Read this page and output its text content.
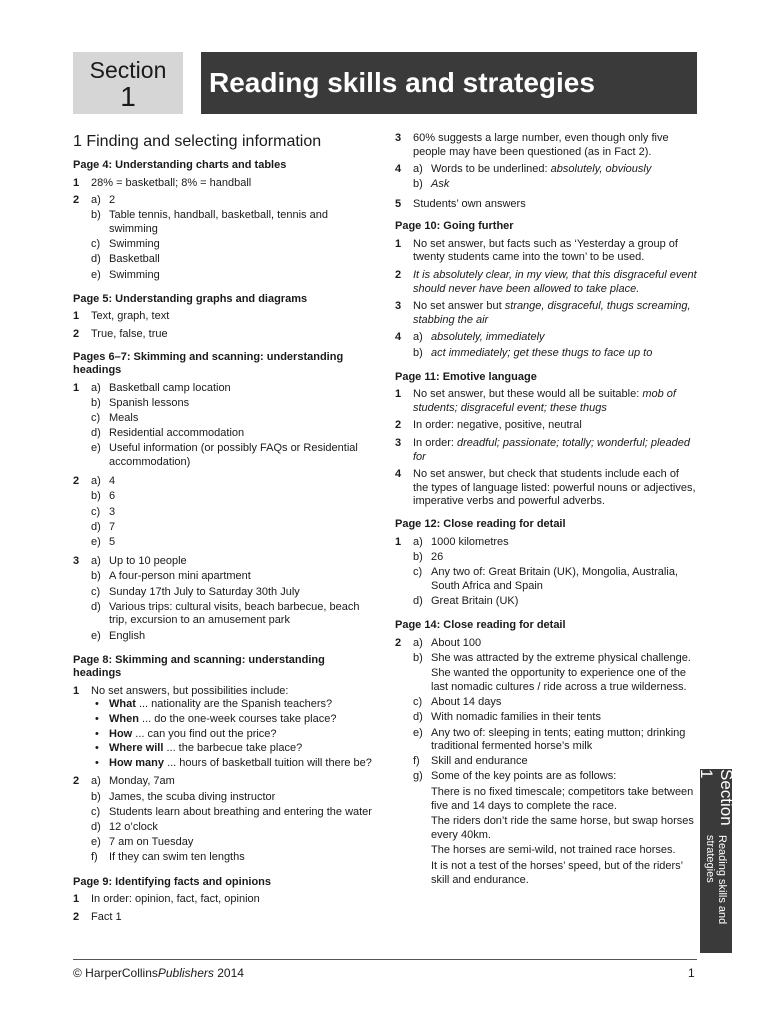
Section
1	Reading skills and strategies
1 Finding and selecting information
Page 4: Understanding charts and tables
1	28% = basketball; 8% = handball
2	a) 2
b) Table tennis, handball, basketball, tennis and swimming
c) Swimming
d) Basketball
e) Swimming
Page 5: Understanding graphs and diagrams
1	Text, graph, text
2	True, false, true
Pages 6–7: Skimming and scanning: understanding headings
1	a) Basketball camp location
b) Spanish lessons
c) Meals
d) Residential accommodation
e) Useful information (or possibly FAQs or Residential accommodation)
2	a) 4
b) 6
c) 3
d) 7
e) 5
3	a) Up to 10 people
b) A four-person mini apartment
c) Sunday 17th July to Saturday 30th July
d) Various trips: cultural visits, beach barbecue, beach trip, excursion to an amusement park
e) English
Page 8: Skimming and scanning: understanding headings
1	No set answers, but possibilities include:
• What ... nationality are the Spanish teachers?
• When ... do the one-week courses take place?
• How ... can you find out the price?
• Where will ... the barbecue take place?
• How many ... hours of basketball tuition will there be?
2	a) Monday, 7am
b) James, the scuba diving instructor
c) Students learn about breathing and entering the water
d) 12 o’clock
e) 7 am on Tuesday
f)	If they can swim ten lengths
Page 9: Identifying facts and opinions
1	In order: opinion, fact, fact, opinion
2	Fact 1
3	60% suggests a large number, even though only five people may have been questioned (as in Fact 2).
4	a) Words to be underlined: absolutely, obviously
b) Ask
5	Students’ own answers
Page 10: Going further
1	No set answer, but facts such as ‘Yesterday a group of twenty students came into the town’ to be used.
2	It is absolutely clear, in my view, that this disgraceful event should never have been allowed to take place.
3	No set answer but strange, disgraceful, thugs screaming, stabbing the air
4	a) absolutely, immediately
b) act immediately; get these thugs to face up to
Page 11: Emotive language
1	No set answer, but these would all be suitable: mob of students; disgraceful event; these thugs
2	In order: negative, positive, neutral
3	In order: dreadful; passionate; totally; wonderful; pleaded for
4	No set answer, but check that students include each of the types of language listed: powerful nouns or adjectives, imperative verbs and powerful adverbs.
Page 12: Close reading for detail
1	a) 1000 kilometres
b) 26
c) Any two of: Great Britain (UK), Mongolia, Australia, South Africa and Spain
d) Great Britain (UK)
Page 14: Close reading for detail
2	a) About 100
b) She was attracted by the extreme physical challenge.
She wanted the opportunity to experience one of the last nomadic cultures / ride across a true wilderness.
c) About 14 days
d) With nomadic families in their tents
e) Any two of: sleeping in tents; eating mutton; drinking traditional fermented horse’s milk
f)	Skill and endurance
g) Some of the key points are as follows:
There is no fixed timescale; competitors take between five and 14 days to complete the race.
The riders don’t ride the same horse, but swap horses every 40km.
The horses are semi-wild, not trained race horses.
It is not a test of the horses’ speed, but of the riders’ skill and endurance.
Section 1
Reading skills and strategies
© HarperCollinsPublishers 2014	1
